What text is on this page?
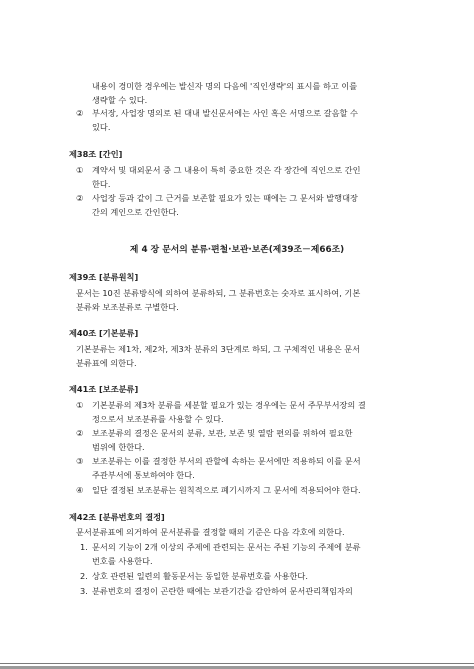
내용이 경미한 경우에는 발신자 명의 다음에 '직인생략'의 표시를 하고 이를
생략할 수 있다.
② 부서장, 사업장 명의로 된 대내 발신문서에는 사인 혹은 서명으로 갈음할 수
있다.
제38조 [간인]
① 계약서 및 대외문서 중 그 내용이 특히 중요한 것은 각 장간에 직인으로 간인
한다.
② 사업장 등과 같이 그 근거를 보존할 필요가 있는 때에는 그 문서와 발행대장
간의 계인으로 간인한다.
제 4 장 문서의 분류·편철·보관·보존(제39조－제66조)
제39조 [분류원칙]
문서는 10진 분류방식에 의하여 분류하되, 그 분류번호는 숫자로 표시하여, 기본
분류와 보조분류로 구별한다.
제40조 [기본분류]
기본분류는 제1차, 제2차, 제3차 분류의 3단계로 하되, 그 구체적인 내용은 문서
분류표에 의한다.
제41조 [보조분류]
① 기본분류의 제3차 분류를 세분할 필요가 있는 경우에는 문서 주무부서장의 결
정으로서 보조분류를 사용할 수 있다.
② 보조분류의 결정은 문서의 분류, 보관, 보존 및 열람 편의를 위하여 필요한
범위에 한한다.
③ 보조분류는 이를 결정한 부서의 관할에 속하는 문서에만 적용하되 이를 문서
주관부서에 통보하여야 한다.
④ 일단 결정된 보조분류는 원칙적으로 폐기시까지 그 문서에 적용되어야 한다.
제42조 [분류번호의 결정]
문서분류표에 의거하여 문서분류를 결정할 때의 기준은 다음 각호에 의한다.
1. 문서의 기능이 2개 이상의 주제에 관련되는 문서는 주된 기능의 주제에 분류
번호를 사용한다.
2. 상호 관련된 일련의 활동문서는 동일한 분류번호를 사용한다.
3. 분류번호의 결정이 곤란한 때에는 보관기간을 감안하여 문서관리책임자의
